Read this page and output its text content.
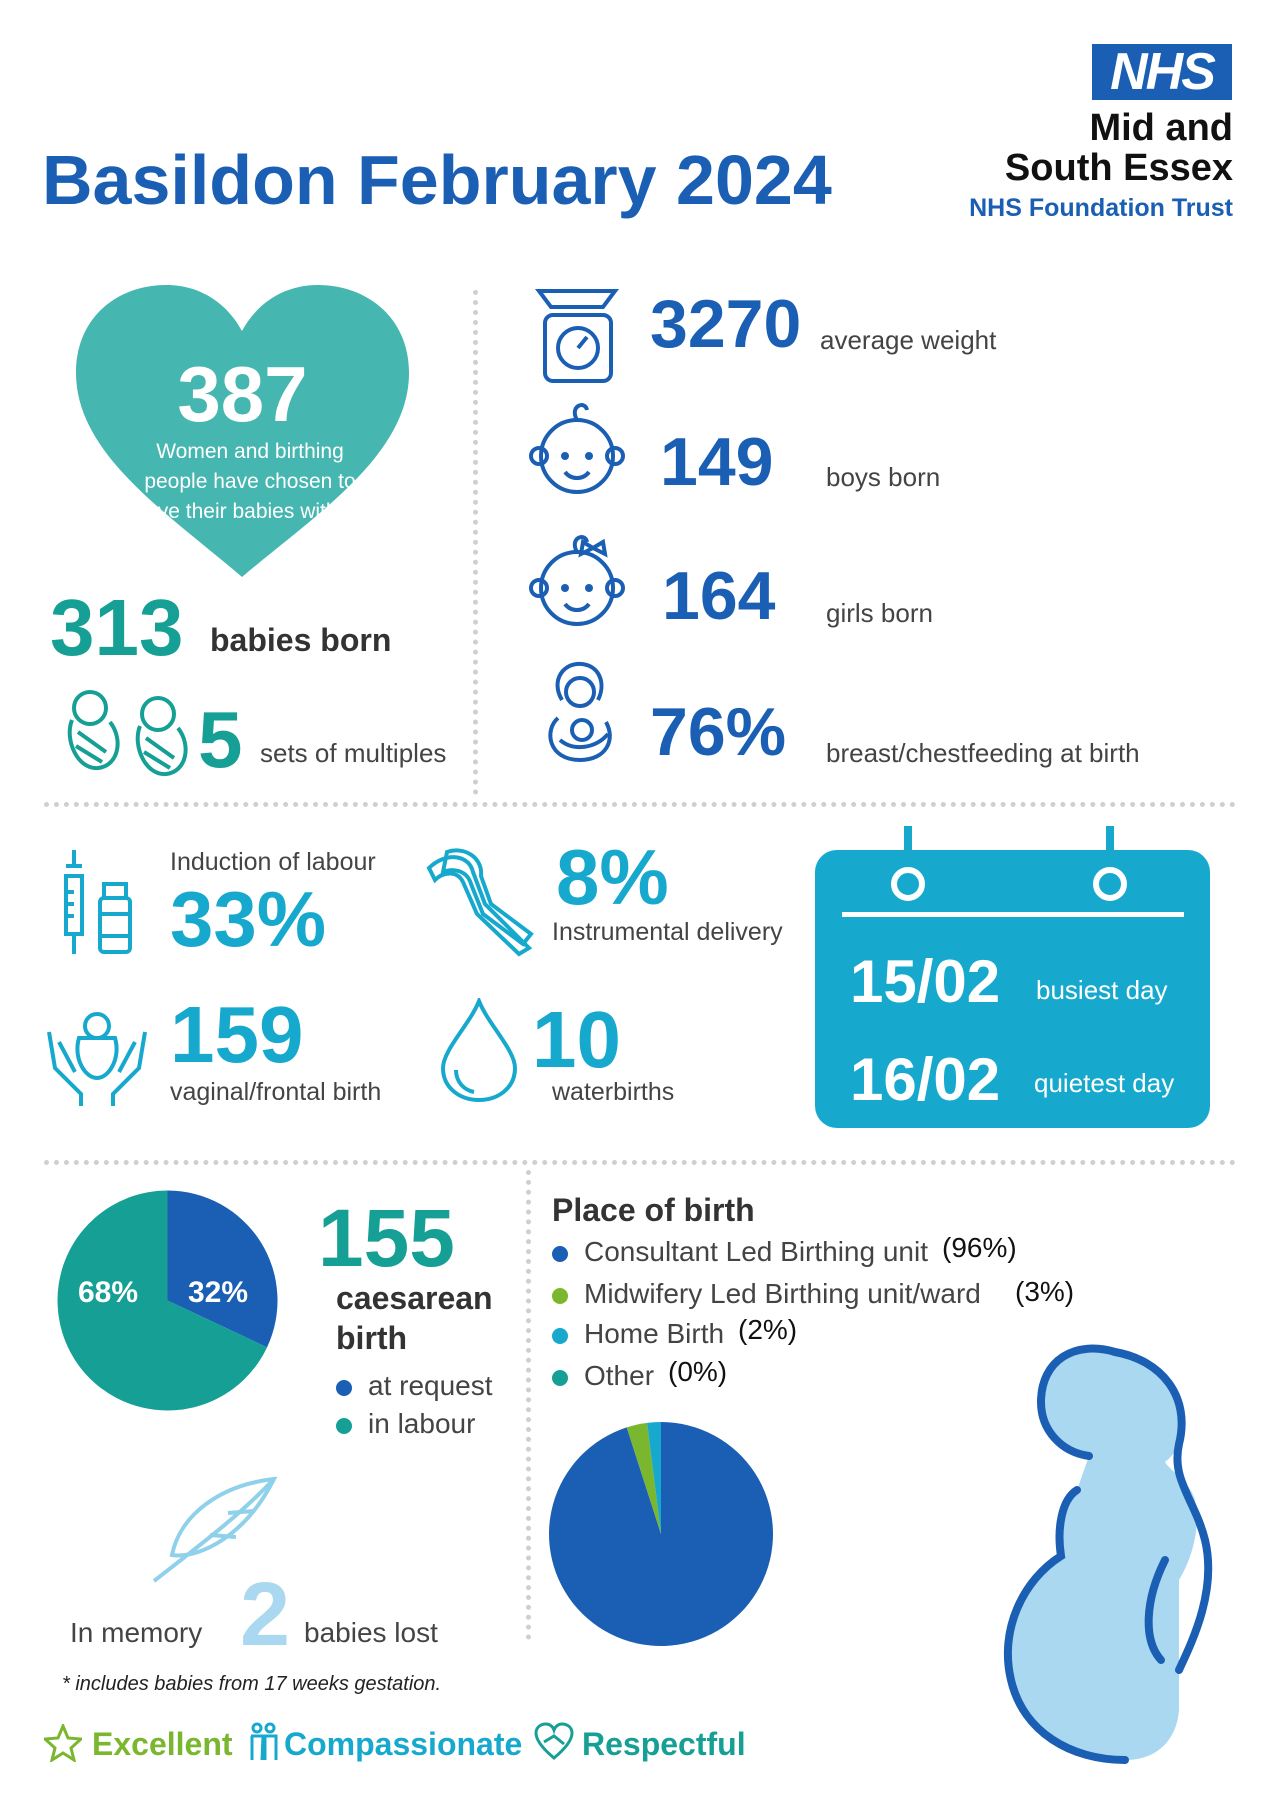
Basildon February 2024
NHS
Mid and
South Essex
NHS Foundation Trust
387
Women and birthing people have chosen to have their babies with us
313 babies born
5 sets of multiples
3270 average weight
149 boys born
164 girls born
76% breast/chestfeeding at birth
Induction of labour
33%	8%
Instrumental delivery
159
vaginal/frontal birth
10
waterbirths
15/02 busiest day
16/02 quietest day
68% 32%
155
caesarean
birth
at request
in labour
Place of birth
Consultant Led Birthing unit (96%)
Midwifery Led Birthing unit/ward (3%)
Home Birth (2%)
Other (0%)
In memory 2 babies lost
* includes babies from 17 weeks gestation.
Excellent Compassionate Respectful
